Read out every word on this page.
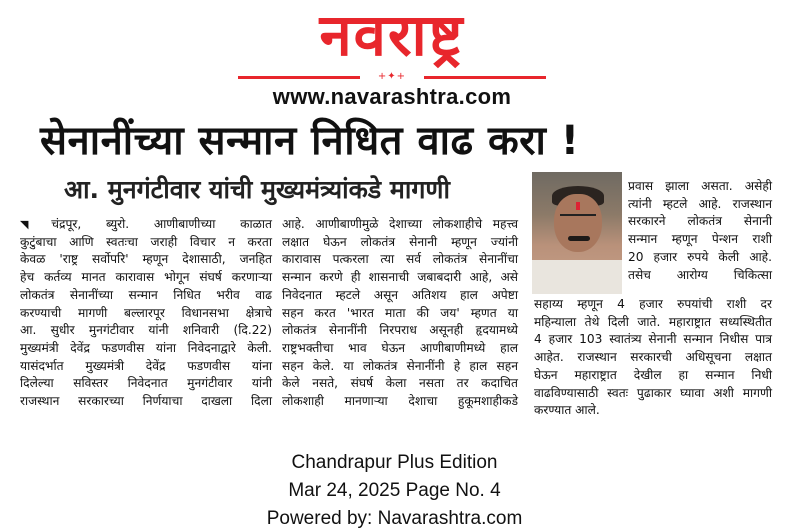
नवराष्ट्र
+✦+
www.navarashtra.com
सेनानींच्या सन्मान निधित वाढ करा !
आ. मुनगंटीवार यांची मुख्यमंत्र्यांकडे मागणी
◥ चंद्रपूर, ब्युरो. आणीबाणीच्या काळात
कुटुंबाचा आणि स्वतःचा जराही विचार न करता
केवळ 'राष्ट्र सर्वोपरि' म्हणून देशासाठी, जनहित
हेच कर्तव्य मानत कारावास भोगून संघर्ष करणाऱ्या
लोकतंत्र सेनानींच्या सन्मान निधित भरीव वाढ
करण्याची मागणी बल्लारपूर विधानसभा क्षेत्राचे
आ. सुधीर मुनगंटीवार यांनी शनिवारी (दि.22)
मुख्यमंत्री देवेंद्र फडणवीस यांना निवेदनाद्वारे केली.
यासंदर्भात मुख्यमंत्री देवेंद्र फडणवीस यांना
दिलेल्या सविस्तर निवेदनात मुनगंटीवार यांनी
राजस्थान सरकारच्या निर्णयाचा दाखला दिला
आहे. आणीबाणीमुळे देशाच्या लोकशाहीचे महत्त्व
लक्षात घेऊन लोकतंत्र सेनानी म्हणून ज्यांनी
कारावास पत्करला त्या सर्व लोकतंत्र सेनानींचा
सन्मान करणे ही शासनाची जबाबदारी आहे, असे
निवेदनात म्हटले असून अतिशय हाल अपेष्टा
सहन करत 'भारत माता की जय' म्हणत या
लोकतंत्र सेनानींनी निरपराध असूनही हृदयामध्ये
राष्ट्रभक्तीचा भाव घेऊन आणीबाणीमध्ये हाल
सहन केले. या लोकतंत्र सेनानींनी हे हाल सहन
केले नसते, संघर्ष केला नसता तर कदाचित
लोकशाही मानणाऱ्या देशाचा हुकूमशाहीकडे
प्रवास झाला असता. असेही
त्यांनी म्हटले आहे. राजस्थान
सरकारने लोकतंत्र सेनानी
सन्मान म्हणून पेन्शन राशी
20 हजार रुपये केली आहे.
तसेच आरोग्य चिकित्सा
सहाय्य म्हणून 4 हजार रुपयांची राशी दर
महिन्याला तेथे दिली जाते. महाराष्ट्रात सध्यस्थितीत
4 हजार 103 स्वातंत्र्य सेनानी सन्मान निधीस पात्र
आहेत. राजस्थान सरकारची अधिसूचना लक्षात
घेऊन महाराष्ट्रात देखील हा सन्मान निधी
वाढविण्यासाठी स्वतः पुढाकार घ्यावा अशी मागणी
करण्यात आले.
Chandrapur Plus Edition
Mar 24, 2025 Page No. 4
Powered by: Navarashtra.com
